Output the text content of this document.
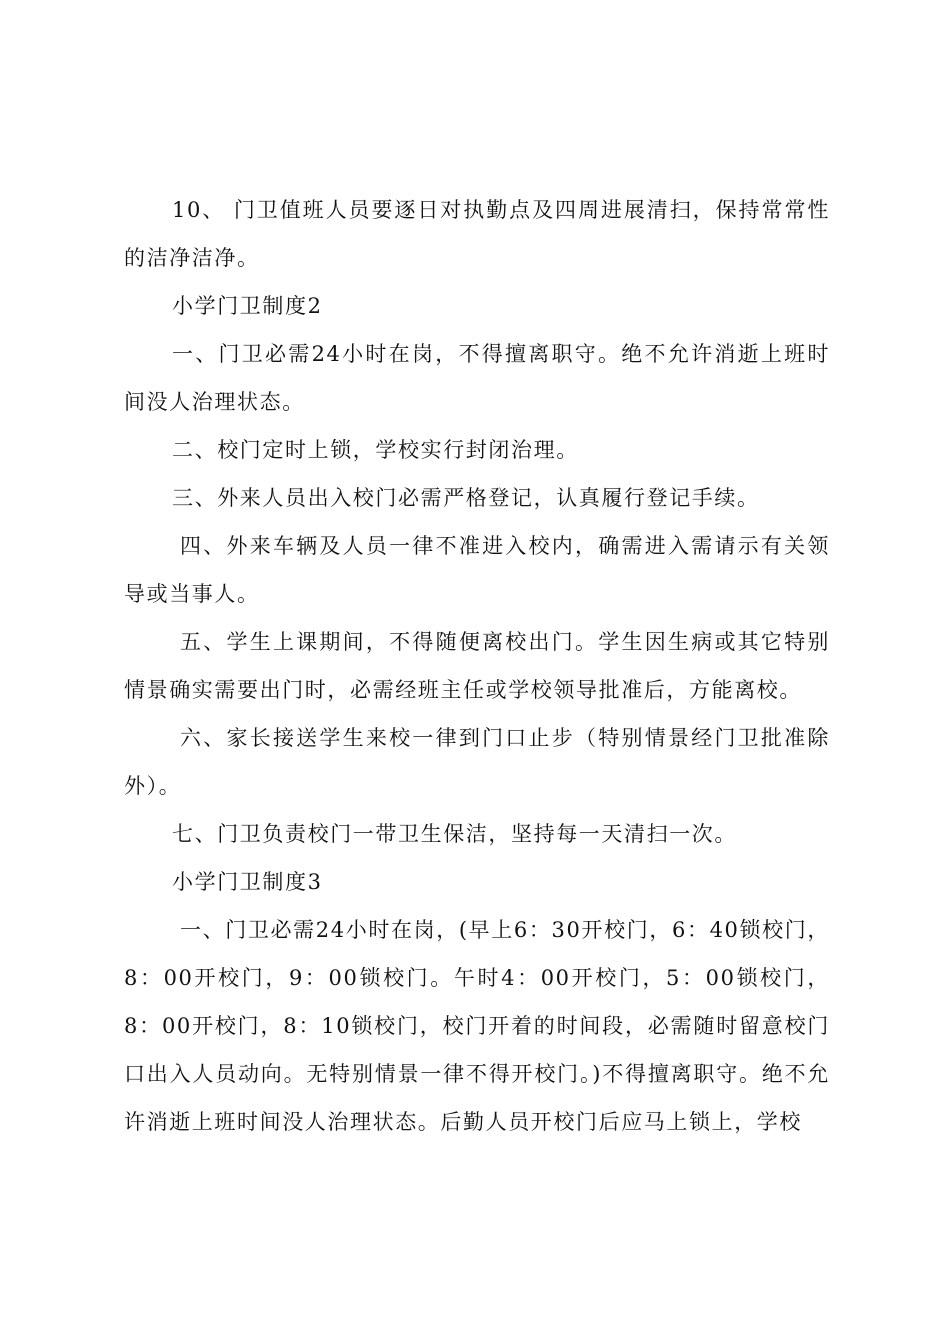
10、 门卫值班人员要逐日对执勤点及四周进展清扫，保持常常性的洁净洁净。

小学门卫制度2

一、门卫必需24小时在岗，不得擅离职守。绝不允许消逝上班时间没人治理状态。

二、校门定时上锁，学校实行封闭治理。

三、外来人员出入校门必需严格登记，认真履行登记手续。

四、外来车辆及人员一律不准进入校内，确需进入需请示有关领导或当事人。

五、学生上课期间，不得随便离校出门。学生因生病或其它特别情景确实需要出门时，必需经班主任或学校领导批准后，方能离校。

六、家长接送学生来校一律到门口止步（特别情景经门卫批准除外）。

七、门卫负责校门一带卫生保洁，坚持每一天清扫一次。

小学门卫制度3

一、门卫必需24小时在岗，(早上6：30开校门，6：40锁校门，8：00开校门，9：00锁校门。午时4：00开校门，5：00锁校门，8：00开校门，8：10锁校门，校门开着的时间段，必需随时留意校门口出入人员动向。无特别情景一律不得开校门。)不得擅离职守。绝不允许消逝上班时间没人治理状态。后勤人员开校门后应马上锁上，学校
